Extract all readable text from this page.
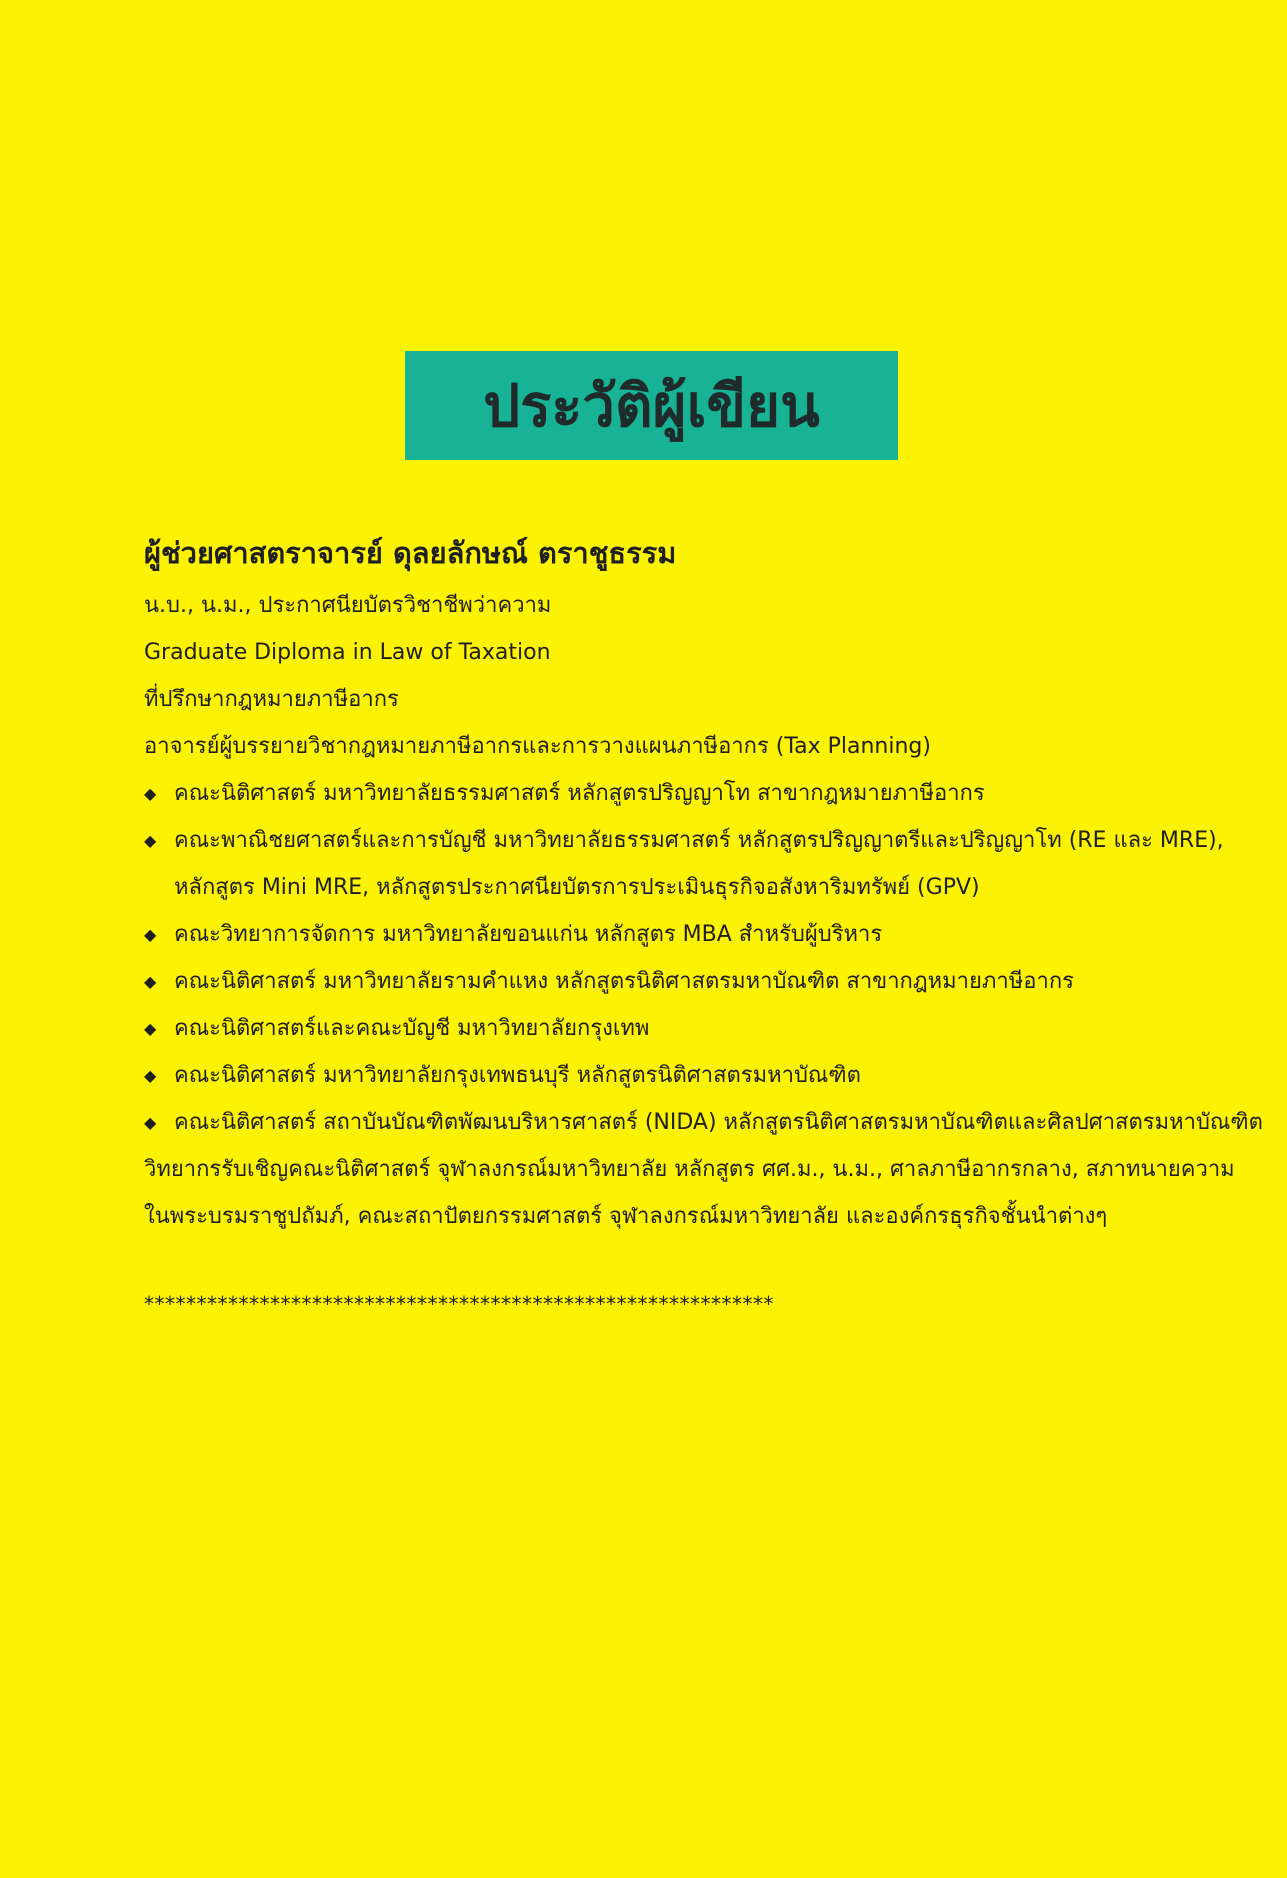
ประวัติผู้เขียน
ผู้ช่วยศาสตราจารย์ ดุลยลักษณ์ ตราชูธรรม
น.บ., น.ม., ประกาศนียบัตรวิชาชีพว่าความ
Graduate Diploma in Law of Taxation
ที่ปรึกษากฎหมายภาษีอากร
อาจารย์ผู้บรรยายวิชากฎหมายภาษีอากรและการวางแผนภาษีอากร (Tax Planning)
◆ คณะนิติศาสตร์ มหาวิทยาลัยธรรมศาสตร์ หลักสูตรปริญญาโท สาขากฎหมายภาษีอากร
◆ คณะพาณิชยศาสตร์และการบัญชี มหาวิทยาลัยธรรมศาสตร์ หลักสูตรปริญญาตรีและปริญญาโท (RE และ MRE),
หลักสูตร Mini MRE, หลักสูตรประกาศนียบัตรการประเมินธุรกิจอสังหาริมทรัพย์ (GPV)
◆ คณะวิทยาการจัดการ มหาวิทยาลัยขอนแก่น หลักสูตร MBA สำหรับผู้บริหาร
◆ คณะนิติศาสตร์ มหาวิทยาลัยรามคำแหง หลักสูตรนิติศาสตรมหาบัณฑิต สาขากฎหมายภาษีอากร
◆ คณะนิติศาสตร์และคณะบัญชี มหาวิทยาลัยกรุงเทพ
◆ คณะนิติศาสตร์ มหาวิทยาลัยกรุงเทพธนบุรี หลักสูตรนิติศาสตรมหาบัณฑิต
◆ คณะนิติศาสตร์ สถาบันบัณฑิตพัฒนบริหารศาสตร์ (NIDA) หลักสูตรนิติศาสตรมหาบัณฑิตและศิลปศาสตรมหาบัณฑิต
วิทยากรรับเชิญคณะนิติศาสตร์ จุฬาลงกรณ์มหาวิทยาลัย หลักสูตร ศศ.ม., น.ม., ศาลภาษีอากรกลาง, สภาทนายความ
ในพระบรมราชูปถัมภ์, คณะสถาปัตยกรรมศาสตร์ จุฬาลงกรณ์มหาวิทยาลัย และองค์กรธุรกิจชั้นนำต่างๆ
************************************************************
